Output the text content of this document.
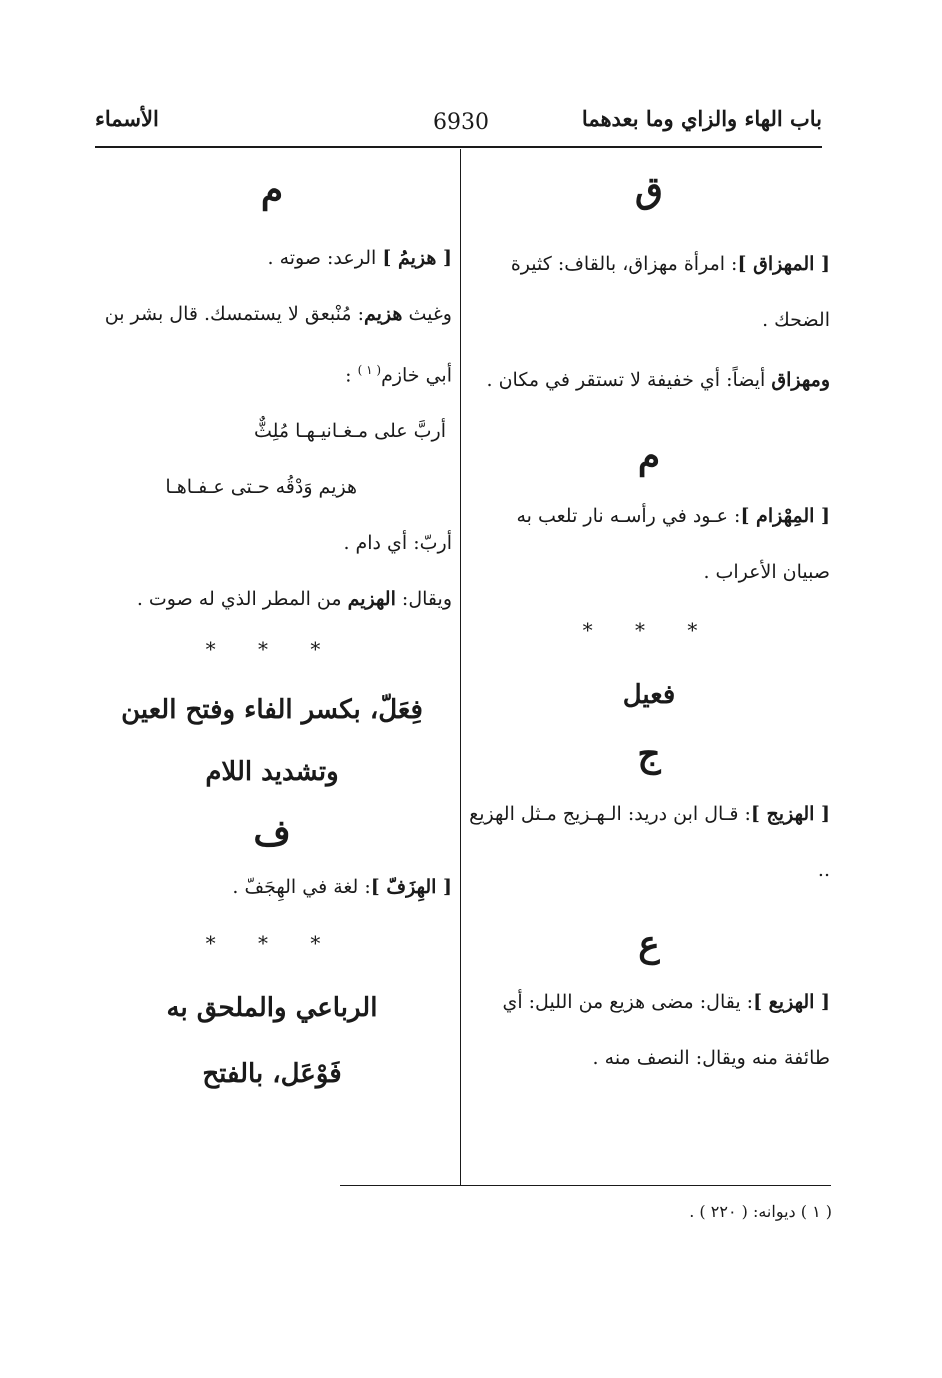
باب الهاء والزاي وما بعدهما
6930
الأسماء
ق
[ المهزاق ]: امرأة مهزاق، بالقاف: كثيرة الضحك .
ومهزاق أيضاً: أي خفيفة لا تستقر في مكان .
م
[ المِهْزام ]: عـود في رأسـه نار تلعب به صبيان الأعراب .
* * *
فعيل
ج
[ الهزيج ]: قـال ابن دريد: الـهـزيج مـثل الهزيع ..
ع
[ الهزيع ]: يقال: مضى هزيع من الليل: أي طائفة منه ويقال: النصف منه .
م
[ هزيمُ ] الرعد: صوته .
وغيث هزيم: مُنْبعق لا يستمسك. قال بشر بن أبي خازم$^{( ١ )}$ :
أربَّ على مـغـانيـهـا مُلِثٌّ
هزيم وَدْقُه حـتى عـفـاهـا
أربّ: أي دام .
ويقال: الهزيم من المطر الذي له صوت .
* * *
فِعَلّ، بكسر الفاء وفتح العين
وتشديد اللام
ف
[ الهِزَفّ ]: لغة في الهِجَفّ .
* * *
الرباعي والملحق به
فَوْعَل، بالفتح
( ١ ) ديوانه: ( ٢٢٠ ) .
